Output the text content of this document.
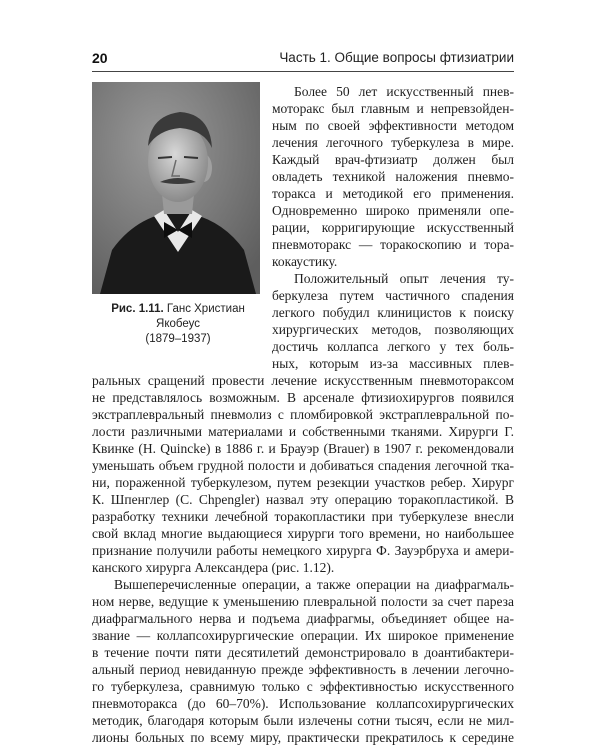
20	Часть 1. Общие вопросы фтизиатрии
Рис. 1.11. Ганс Христиан Якобеус
(1879–1937)
Более 50 лет искусственный пнев-
моторакс был главным и непревзойден-
ным по своей эффективности методом
лечения легочного туберкулеза в мире.
Каждый врач-фтизиатр должен был
овладеть техникой наложения пневмо-
торакса и методикой его применения.
Одновременно широко применяли опе-
рации, корригирующие искусственный
пневмоторакс — торакоскопию и тора-
кокаустику.
Положительный опыт лечения ту-
беркулеза путем частичного спадения
легкого побудил клиницистов к поиску
хирургических методов, позволяющих
достичь коллапса легкого у тех боль-
ных, которым из-за массивных плев-
ральных сращений провести лечение искусственным пневмотораксом
не представлялось возможным. В арсенале фтизиохирургов появился
экстраплевральный пневмолиз с пломбировкой экстраплевральной по-
лости различными материалами и собственными тканями. Хирурги Г.
Квинке (H. Quincke) в 1886 г. и Брауэр (Brauer) в 1907 г. рекомендовали
уменьшать объем грудной полости и добиваться спадения легочной тка-
ни, пораженной туберкулезом, путем резекции участков ребер. Хирург
К. Шпенглер (C. Chpengler) назвал эту операцию торакопластикой. В
разработку техники лечебной торакопластики при туберкулезе внесли
свой вклад многие выдающиеся хирурги того времени, но наибольшее
признание получили работы немецкого хирурга Ф. Зауэрбруха и амери-
канского хирурга Александера (рис. 1.12).
Вышеперечисленные операции, а также операции на диафрагмаль-
ном нерве, ведущие к уменьшению плевральной полости за счет пареза
диафрагмального нерва и подъема диафрагмы, объединяет общее на-
звание — коллапсохирургические операции. Их широкое применение
в течение почти пяти десятилетий демонстрировало в доантибактери-
альный период невиданную прежде эффективность в лечении легочно-
го туберкулеза, сравнимую только с эффективностью искусственного
пневмоторакса (до 60–70%). Использование коллапсохирургических
методик, благодаря которым были излечены сотни тысяч, если не мил-
лионы больных по всему миру, практически прекратилось к середине
